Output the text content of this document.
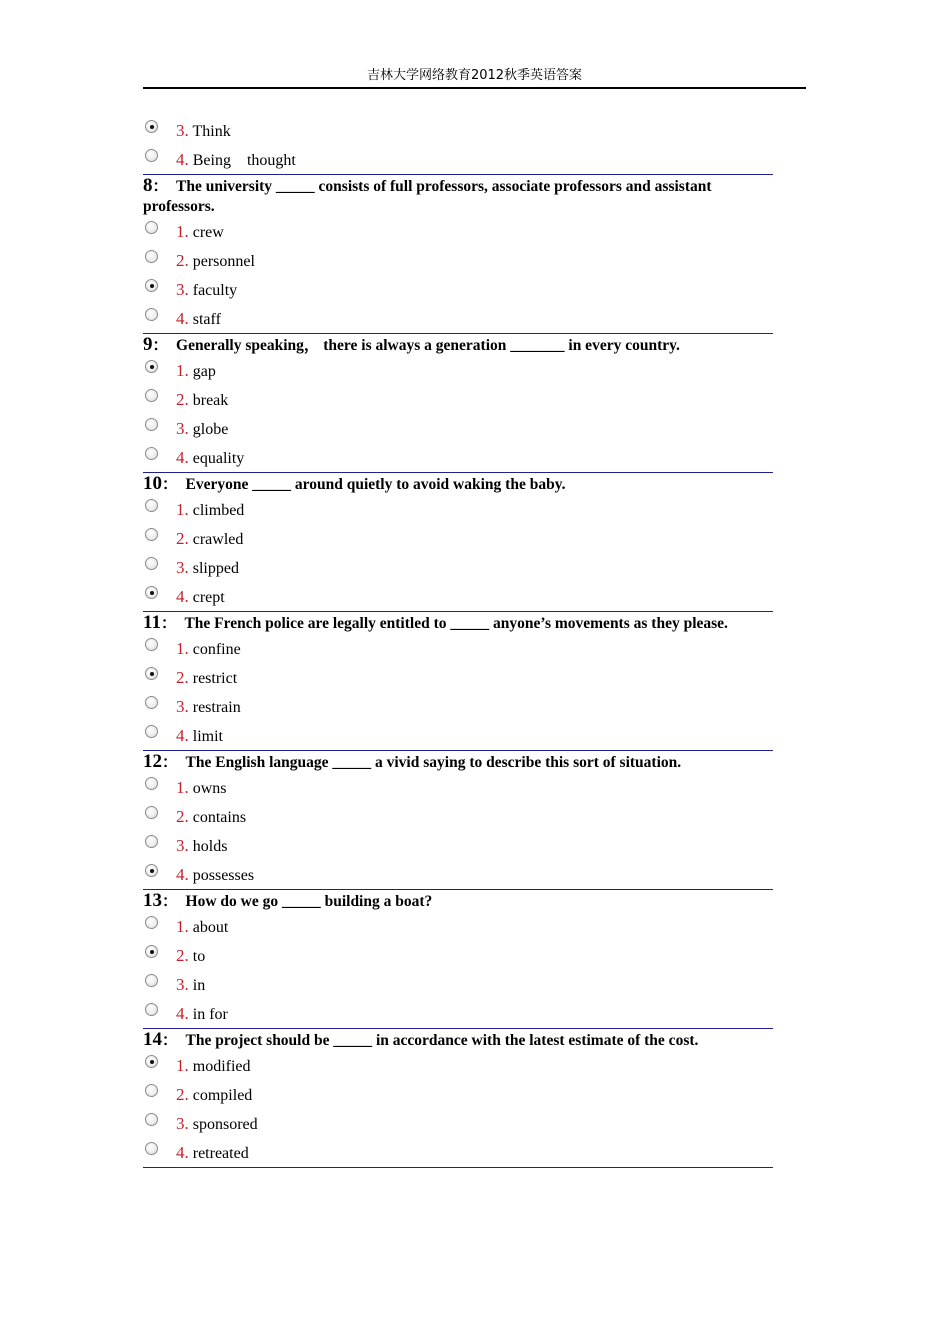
吉林大学网络教育2012秋季英语答案
3. Think
4. Being    thought

8： The university _____ consists of full professors, associate professors and assistant professors.

1. crew
2. personnel
3. faculty
4. staff

9： Generally speaking， there is always a generation _______ in every country.

1. gap
2. break
3. globe
4. equality

10： Everyone _____ around quietly to avoid waking the baby.

1. climbed
2. crawled
3. slipped
4. crept

11： The French police are legally entitled to _____ anyone’s movements as they please.

1. confine
2. restrict
3. restrain
4. limit

12： The English language _____ a vivid saying to describe this sort of situation.

1. owns
2. contains
3. holds
4. possesses

13： How do we go _____ building a boat?

1. about
2. to
3. in
4. in for

14： The project should be _____ in accordance with the latest estimate of the cost.

1. modified
2. compiled
3. sponsored
4. retreated
